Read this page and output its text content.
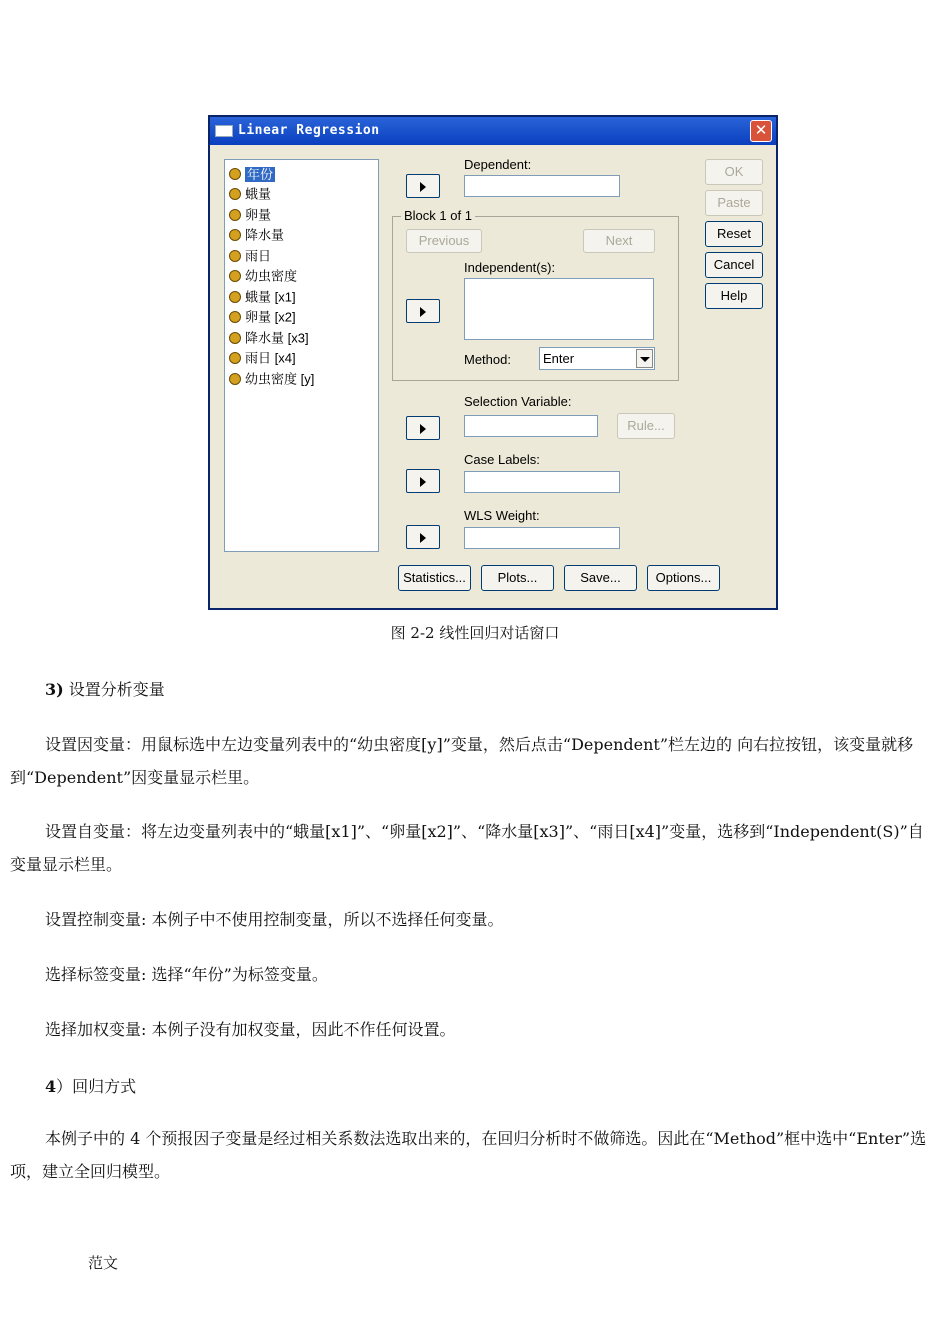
Linear Regression	✕
年份
蛾量
卵量
降水量
雨日
幼虫密度
蛾量 [x1]
卵量 [x2]
降水量 [x3]
雨日 [x4]
幼虫密度 [y]
Dependent:
Block 1 of 1
Previous	Next
Independent(s):
Method:	Enter
Selection Variable:
Rule...
Case Labels:
WLS Weight:
OK
Paste
Reset
Cancel
Help
Statistics...	Plots...	Save...	Options...
图 2-2 线性回归对话窗口
3) 设置分析变量
设置因变量：用鼠标选中左边变量列表中的“幼虫密度[y]”变量，然后点击“Dependent”栏左边的 向右拉按钮，该变量就移到“Dependent”因变量显示栏里。
设置自变量：将左边变量列表中的“蛾量[x1]”、“卵量[x2]”、“降水量[x3]”、“雨日[x4]”变量，选移到“Independent(S)”自变量显示栏里。
设置控制变量: 本例子中不使用控制变量，所以不选择任何变量。
选择标签变量: 选择“年份”为标签变量。
选择加权变量: 本例子没有加权变量，因此不作任何设置。
4）回归方式
本例子中的 4 个预报因子变量是经过相关系数法选取出来的，在回归分析时不做筛选。因此在“Method”框中选中“Enter”选项，建立全回归模型。
范文
